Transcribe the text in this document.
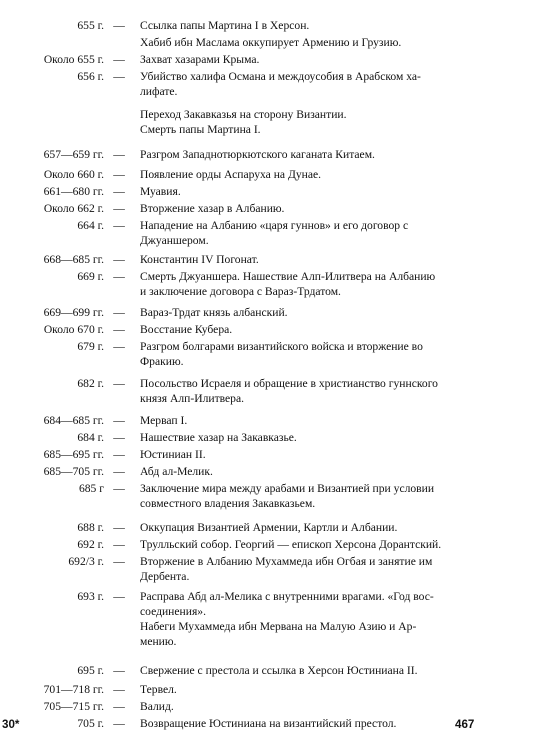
655 г. —	Ссылка папы Мартина I в Херсон.

Хабиб ибн Маслама оккупирует Армению и Грузию.

Около 655 г. —	Захват хазарами Крыма.

656 г. —	Убийство халифа Османа и междоусобия в Арабском ха-

лифате.

Переход Закавказья на сторону Византии.

Смерть папы Мартина I.

657—659 гг. —	Разгром Западнотюркютского каганата Китаем.

Около 660 г. —	Появление орды Аспаруха на Дунае.

661—680 гг. —	Муавия.

Около 662 г. —	Вторжение хазар в Албанию.

664 г. —	Нападение на Албанию «царя гуннов» и его договор с

Джуаншером.

668—685 гг. —	Константин IV Погонат.

669 г. —	Смерть Джуаншера. Нашествие Алп-Илитвера на Албанию

и заключение договора с Вараз-Трдатом.

669—699 гг. —	Вараз-Трдат князь албанский.

Около 670 г. —	Восстание Кубера.

679 г. —	Разгром болгарами византийского войска и вторжение во

Фракию.

682 г. —	Посольство Исраеля и обращение в христианство гуннского

князя Алп-Илитвера.

684—685 гг. —	Мервап I.

684 г. —	Нашествие хазар на Закавказье.

685—695 гг. —	Юстиниан II.

685—705 гг. —	Абд ал-Мелик.

685 г —	Заключение мира между арабами и Византией при условии

совместного владения Закавказьем.

688 г. —	Оккупация Византией Армении, Картли и Албании.

692 г. —	Трулльский собор. Георгий — епископ Херсона Дорантский.

692/3 г. —	Вторжение в Албанию Мухаммеда ибн Огбая и занятие им

Дербента.

693 г. —	Расправа Абд ал-Мелика с внутренними врагами. «Год вос-

соединения».

Набеги Мухаммеда ибн Мервана на Малую Азию и Ар-

мению.

695 г. —	Свержение с престола и ссылка в Херсон Юстиниана II.

701—718 гг. —	Тервел.

705—715 гг. —	Валид.

705 г. —	Возвращение Юстиниана на византийский престол.

30*	467
